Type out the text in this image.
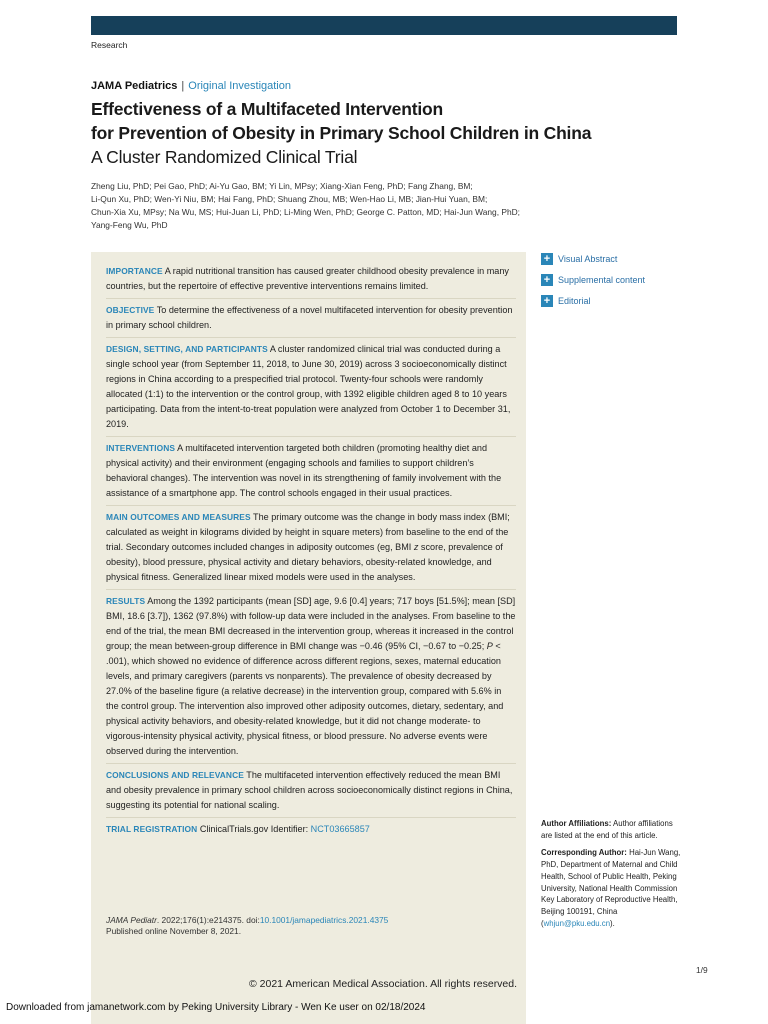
Research
JAMA Pediatrics | Original Investigation
Effectiveness of a Multifaceted Intervention
for Prevention of Obesity in Primary School Children in China
A Cluster Randomized Clinical Trial
Zheng Liu, PhD; Pei Gao, PhD; Ai-Yu Gao, BM; Yi Lin, MPsy; Xiang-Xian Feng, PhD; Fang Zhang, BM;
Li-Qun Xu, PhD; Wen-Yi Niu, BM; Hai Fang, PhD; Shuang Zhou, MB; Wen-Hao Li, MB; Jian-Hui Yuan, BM;
Chun-Xia Xu, MPsy; Na Wu, MS; Hui-Juan Li, PhD; Li-Ming Wen, PhD; George C. Patton, MD; Hai-Jun Wang, PhD;
Yang-Feng Wu, PhD
IMPORTANCE A rapid nutritional transition has caused greater childhood obesity prevalence in many countries, but the repertoire of effective preventive interventions remains limited.
OBJECTIVE To determine the effectiveness of a novel multifaceted intervention for obesity prevention in primary school children.
DESIGN, SETTING, AND PARTICIPANTS A cluster randomized clinical trial was conducted during a single school year (from September 11, 2018, to June 30, 2019) across 3 socioeconomically distinct regions in China according to a prespecified trial protocol. Twenty-four schools were randomly allocated (1:1) to the intervention or the control group, with 1392 eligible children aged 8 to 10 years participating. Data from the intent-to-treat population were analyzed from October 1 to December 31, 2019.
INTERVENTIONS A multifaceted intervention targeted both children (promoting healthy diet and physical activity) and their environment (engaging schools and families to support children’s behavioral changes). The intervention was novel in its strengthening of family involvement with the assistance of a smartphone app. The control schools engaged in their usual practices.
MAIN OUTCOMES AND MEASURES The primary outcome was the change in body mass index (BMI; calculated as weight in kilograms divided by height in square meters) from baseline to the end of the trial. Secondary outcomes included changes in adiposity outcomes (eg, BMI z score, prevalence of obesity), blood pressure, physical activity and dietary behaviors, obesity-related knowledge, and physical fitness. Generalized linear mixed models were used in the analyses.
RESULTS Among the 1392 participants (mean [SD] age, 9.6 [0.4] years; 717 boys [51.5%]; mean [SD] BMI, 18.6 [3.7]), 1362 (97.8%) with follow-up data were included in the analyses. From baseline to the end of the trial, the mean BMI decreased in the intervention group, whereas it increased in the control group; the mean between-group difference in BMI change was −0.46 (95% CI, −0.67 to −0.25; P < .001), which showed no evidence of difference across different regions, sexes, maternal education levels, and primary caregivers (parents vs nonparents). The prevalence of obesity decreased by 27.0% of the baseline figure (a relative decrease) in the intervention group, compared with 5.6% in the control group. The intervention also improved other adiposity outcomes, dietary, sedentary, and physical activity behaviors, and obesity-related knowledge, but it did not change moderate- to vigorous-intensity physical activity, physical fitness, or blood pressure. No adverse events were observed during the intervention.
CONCLUSIONS AND RELEVANCE The multifaceted intervention effectively reduced the mean BMI and obesity prevalence in primary school children across socioeconomically distinct regions in China, suggesting its potential for national scaling.
TRIAL REGISTRATION ClinicalTrials.gov Identifier: NCT03665857
JAMA Pediatr. 2022;176(1):e214375. doi:10.1001/jamapediatrics.2021.4375
Published online November 8, 2021.
© 2021 American Medical Association. All rights reserved.
+ Visual Abstract
+ Supplemental content
+ Editorial

Author Affiliations: Author affiliations are listed at the end of this article.

Corresponding Author: Hai-Jun Wang, PhD, Department of Maternal and Child Health, School of Public Health, Peking University, National Health Commission Key Laboratory of Reproductive Health, Beijing 100191, China (whjun@pku.edu.cn).

1/9
Downloaded from jamanetwork.com by Peking University Library - Wen Ke user on 02/18/2024
